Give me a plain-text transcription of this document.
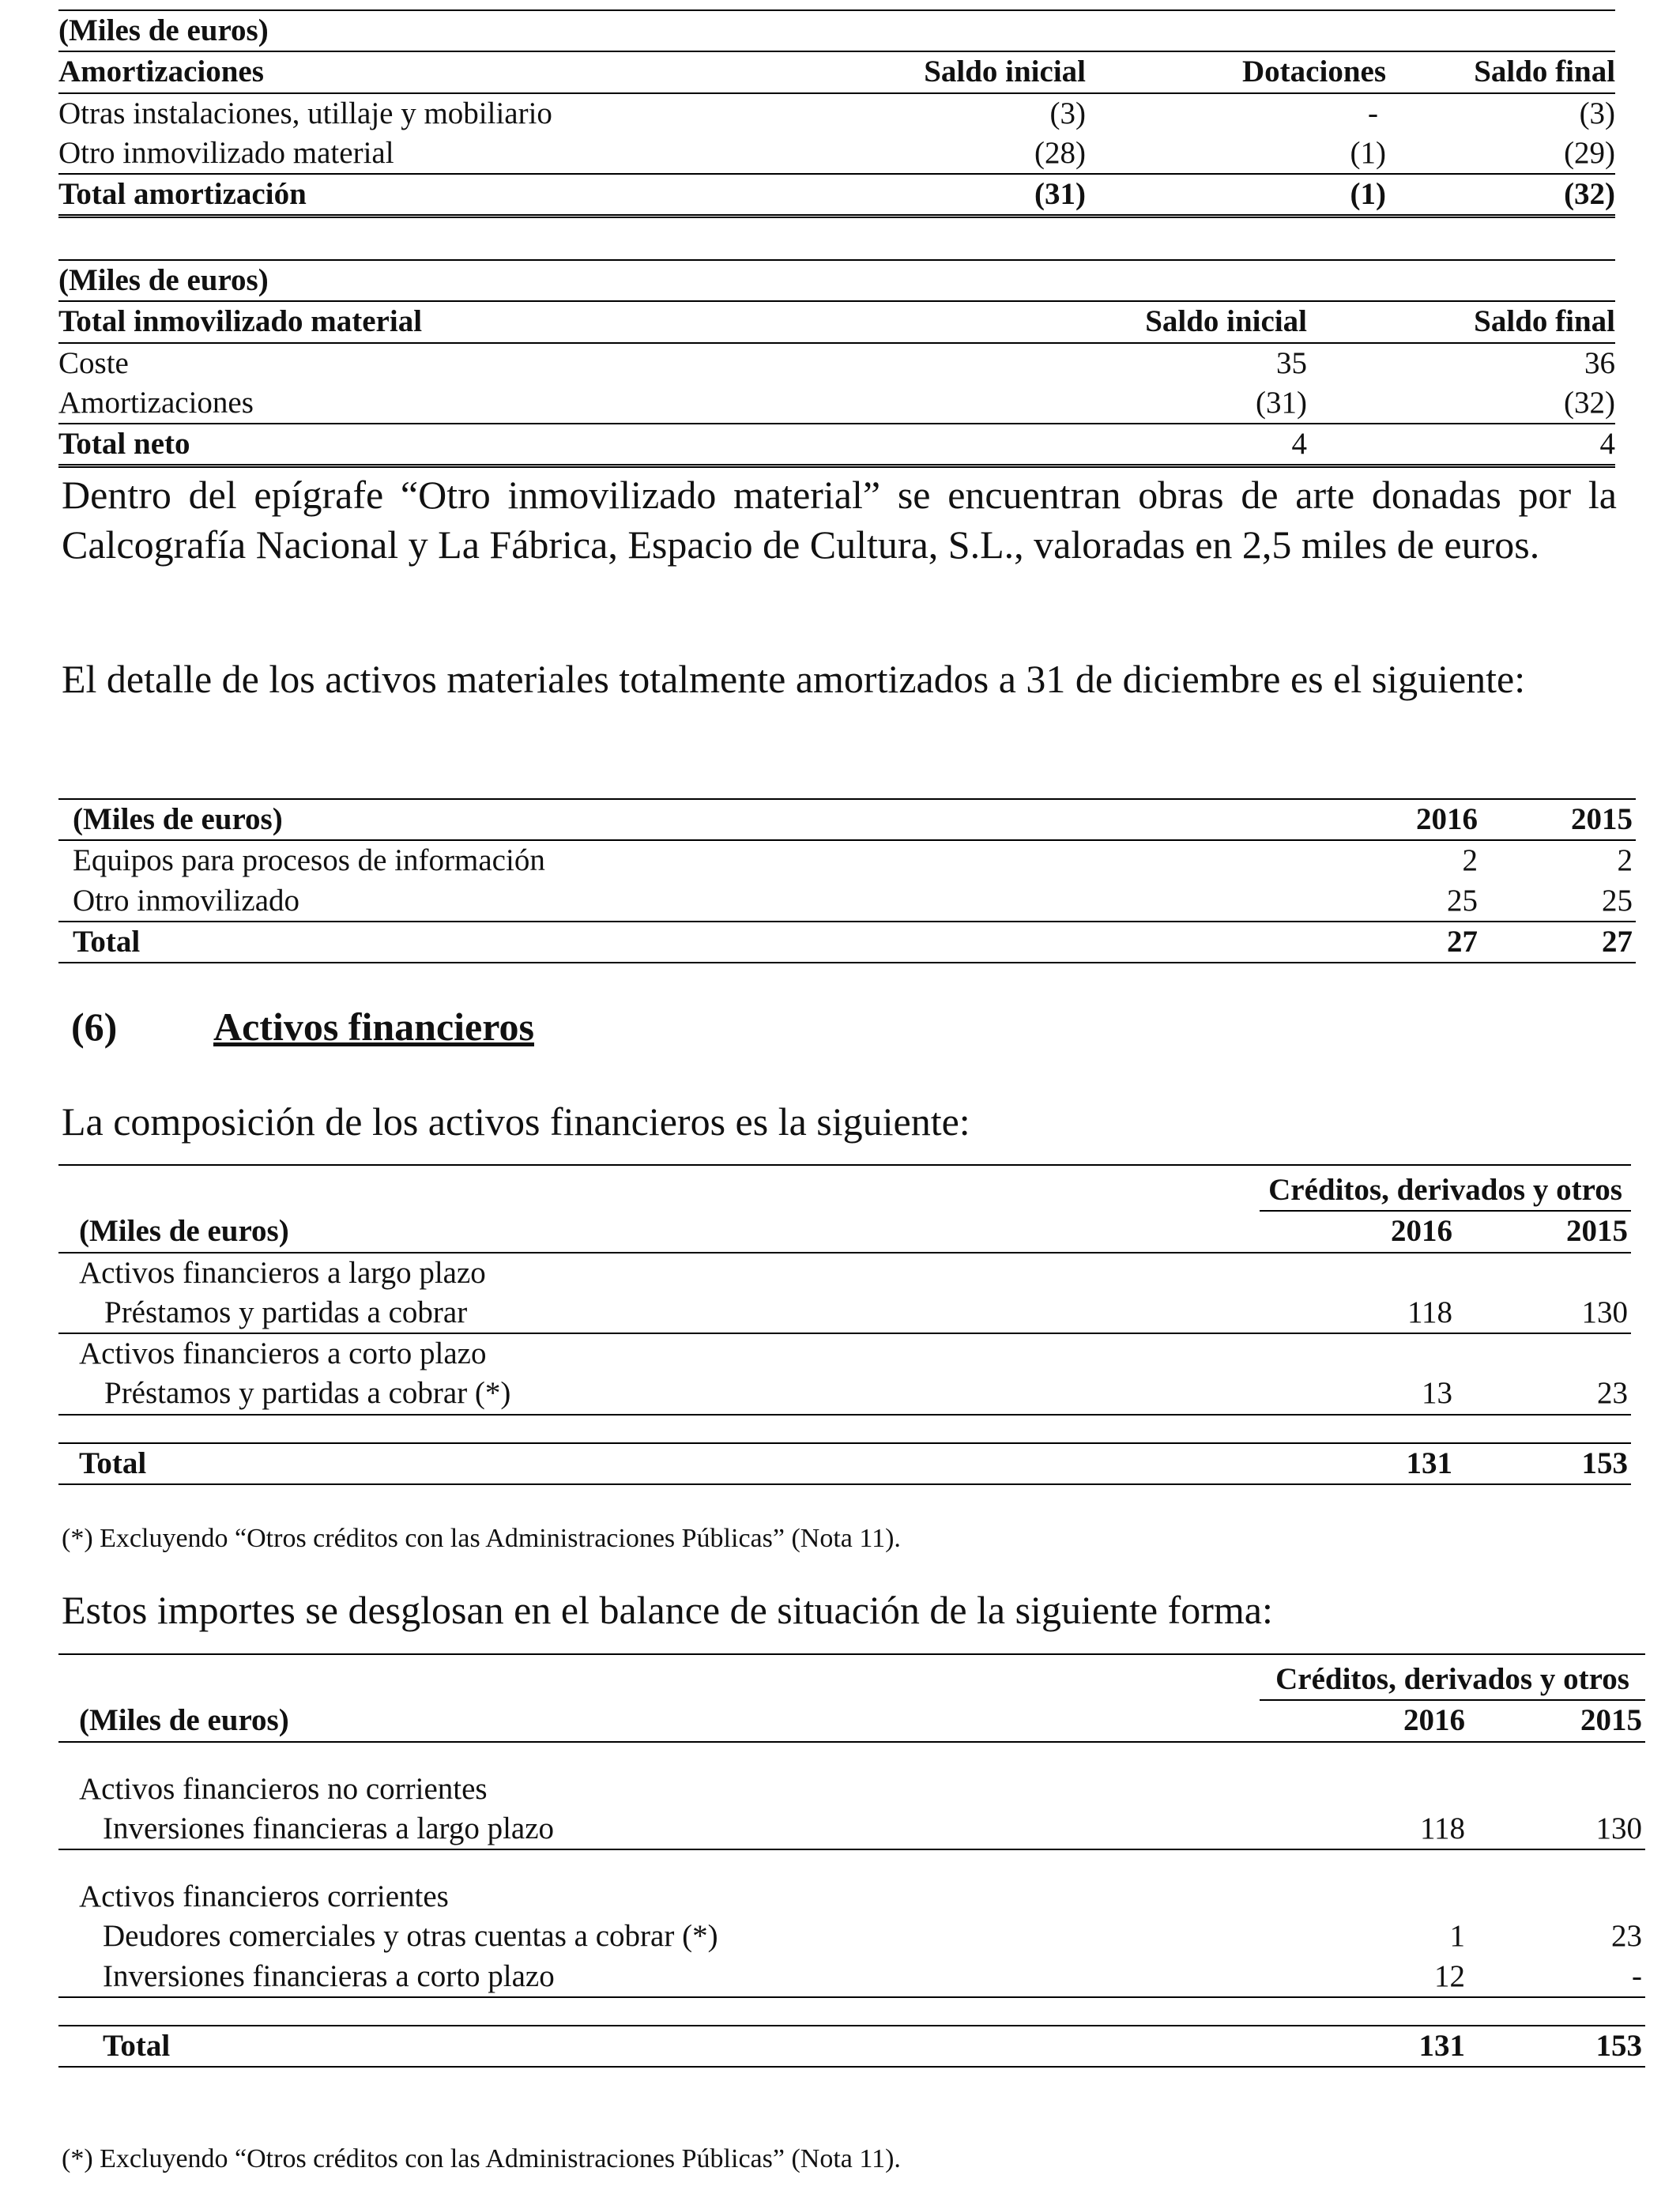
(Miles de euros)			
Amortizaciones	Saldo inicial	Dotaciones	Saldo final
Otras instalaciones, utillaje y mobiliario	(3)	-	(3)
Otro inmovilizado material	(28)	(1)	(29)
Total amortización	(31)	(1)	(32)
(Miles de euros)		
Total inmovilizado material	Saldo inicial	Saldo final
Coste	35	36
Amortizaciones	(31)	(32)
Total neto	4	4

Dentro del epígrafe “Otro inmovilizado material” se encuentran obras de arte donadas por la Calcografía Nacional y La Fábrica, Espacio de Cultura, S.L., valoradas en 2,5 miles de euros.

El detalle de los activos materiales totalmente amortizados a 31 de diciembre es el siguiente:

(Miles de euros)	2016	2015
Equipos para procesos de información	2	2
Otro inmovilizado	25	25
Total	27	27
(6) Activos financieros

La composición de los activos financieros es la siguiente:

	Créditos, derivados y otros	
(Miles de euros)	2016	2015
Activos financieros a largo plazo		
Préstamos y partidas a cobrar	118	130
Activos financieros a corto plazo		
Préstamos y partidas a cobrar (*)	13	23

Total	131	153
(*) Excluyendo “Otros créditos con las Administraciones Públicas” (Nota 11).

Estos importes se desglosan en el balance de situación de la siguiente forma:

	Créditos, derivados y otros	
(Miles de euros)	2016	2015

Activos financieros no corrientes		
Inversiones financieras a largo plazo	118	130

Activos financieros corrientes		
Deudores comerciales y otras cuentas a cobrar (*)	1	23
Inversiones financieras a corto plazo	12	-

Total	131	153
(*) Excluyendo “Otros créditos con las Administraciones Públicas” (Nota 11).
